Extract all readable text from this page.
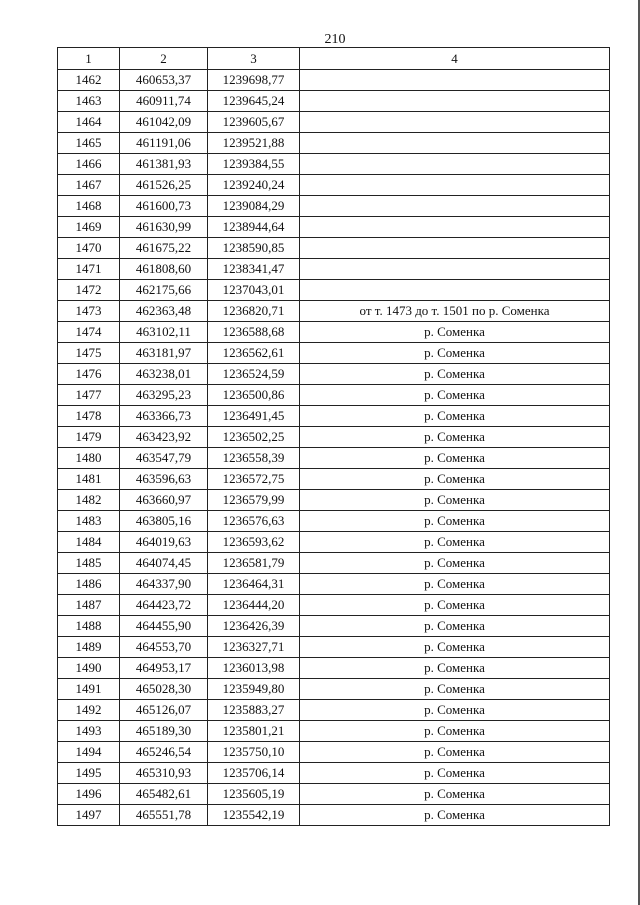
210
1	2	3	4
1462	460653,37	1239698,77	
1463	460911,74	1239645,24	
1464	461042,09	1239605,67	
1465	461191,06	1239521,88	
1466	461381,93	1239384,55	
1467	461526,25	1239240,24	
1468	461600,73	1239084,29	
1469	461630,99	1238944,64	
1470	461675,22	1238590,85	
1471	461808,60	1238341,47	
1472	462175,66	1237043,01	
1473	462363,48	1236820,71	от т. 1473 до т. 1501 по р. Соменка
1474	463102,11	1236588,68	р. Соменка
1475	463181,97	1236562,61	р. Соменка
1476	463238,01	1236524,59	р. Соменка
1477	463295,23	1236500,86	р. Соменка
1478	463366,73	1236491,45	р. Соменка
1479	463423,92	1236502,25	р. Соменка
1480	463547,79	1236558,39	р. Соменка
1481	463596,63	1236572,75	р. Соменка
1482	463660,97	1236579,99	р. Соменка
1483	463805,16	1236576,63	р. Соменка
1484	464019,63	1236593,62	р. Соменка
1485	464074,45	1236581,79	р. Соменка
1486	464337,90	1236464,31	р. Соменка
1487	464423,72	1236444,20	р. Соменка
1488	464455,90	1236426,39	р. Соменка
1489	464553,70	1236327,71	р. Соменка
1490	464953,17	1236013,98	р. Соменка
1491	465028,30	1235949,80	р. Соменка
1492	465126,07	1235883,27	р. Соменка
1493	465189,30	1235801,21	р. Соменка
1494	465246,54	1235750,10	р. Соменка
1495	465310,93	1235706,14	р. Соменка
1496	465482,61	1235605,19	р. Соменка
1497	465551,78	1235542,19	р. Соменка
